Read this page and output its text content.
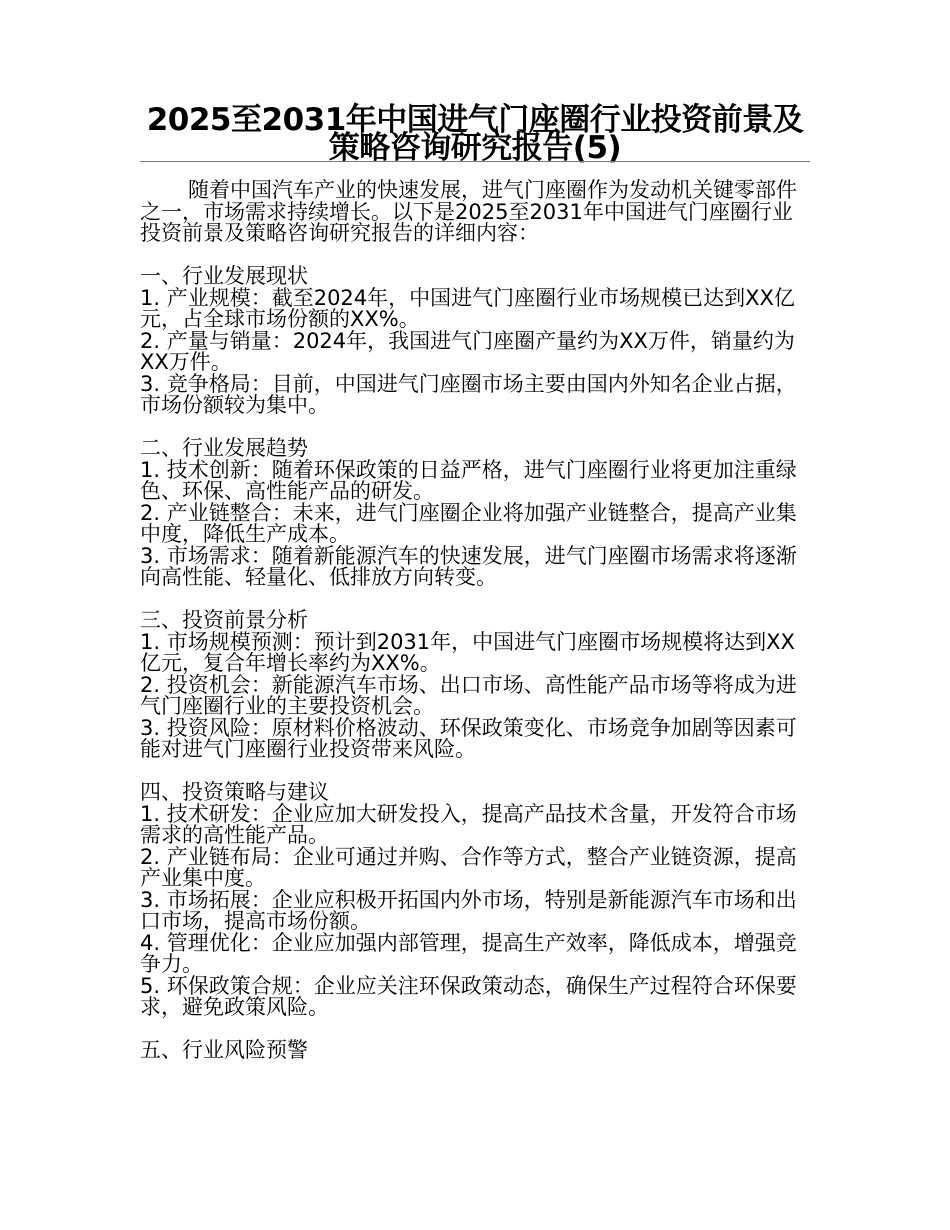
2025至2031年中国进气门座圈行业投资前景及策略咨询研究报告(5)

随着中国汽车产业的快速发展，进气门座圈作为发动机关键零部件之一，市场需求持续增长。以下是2025至2031年中国进气门座圈行业投资前景及策略咨询研究报告的详细内容：

一、行业发展现状

1. 产业规模：截至2024年，中国进气门座圈行业市场规模已达到XX亿元，占全球市场份额的XX%。

2. 产量与销量：2024年，我国进气门座圈产量约为XX万件，销量约为XX万件。

3. 竞争格局：目前，中国进气门座圈市场主要由国内外知名企业占据，市场份额较为集中。

二、行业发展趋势

1. 技术创新：随着环保政策的日益严格，进气门座圈行业将更加注重绿色、环保、高性能产品的研发。

2. 产业链整合：未来，进气门座圈企业将加强产业链整合，提高产业集中度，降低生产成本。

3. 市场需求：随着新能源汽车的快速发展，进气门座圈市场需求将逐渐向高性能、轻量化、低排放方向转变。

三、投资前景分析

1. 市场规模预测：预计到2031年，中国进气门座圈市场规模将达到XX亿元，复合年增长率约为XX%。

2. 投资机会：新能源汽车市场、出口市场、高性能产品市场等将成为进气门座圈行业的主要投资机会。

3. 投资风险：原材料价格波动、环保政策变化、市场竞争加剧等因素可能对进气门座圈行业投资带来风险。

四、投资策略与建议

1. 技术研发：企业应加大研发投入，提高产品技术含量，开发符合市场需求的高性能产品。

2. 产业链布局：企业可通过并购、合作等方式，整合产业链资源，提高产业集中度。

3. 市场拓展：企业应积极开拓国内外市场，特别是新能源汽车市场和出口市场，提高市场份额。

4. 管理优化：企业应加强内部管理，提高生产效率，降低成本，增强竞争力。

5. 环保政策合规：企业应关注环保政策动态，确保生产过程符合环保要求，避免政策风险。

五、行业风险预警
